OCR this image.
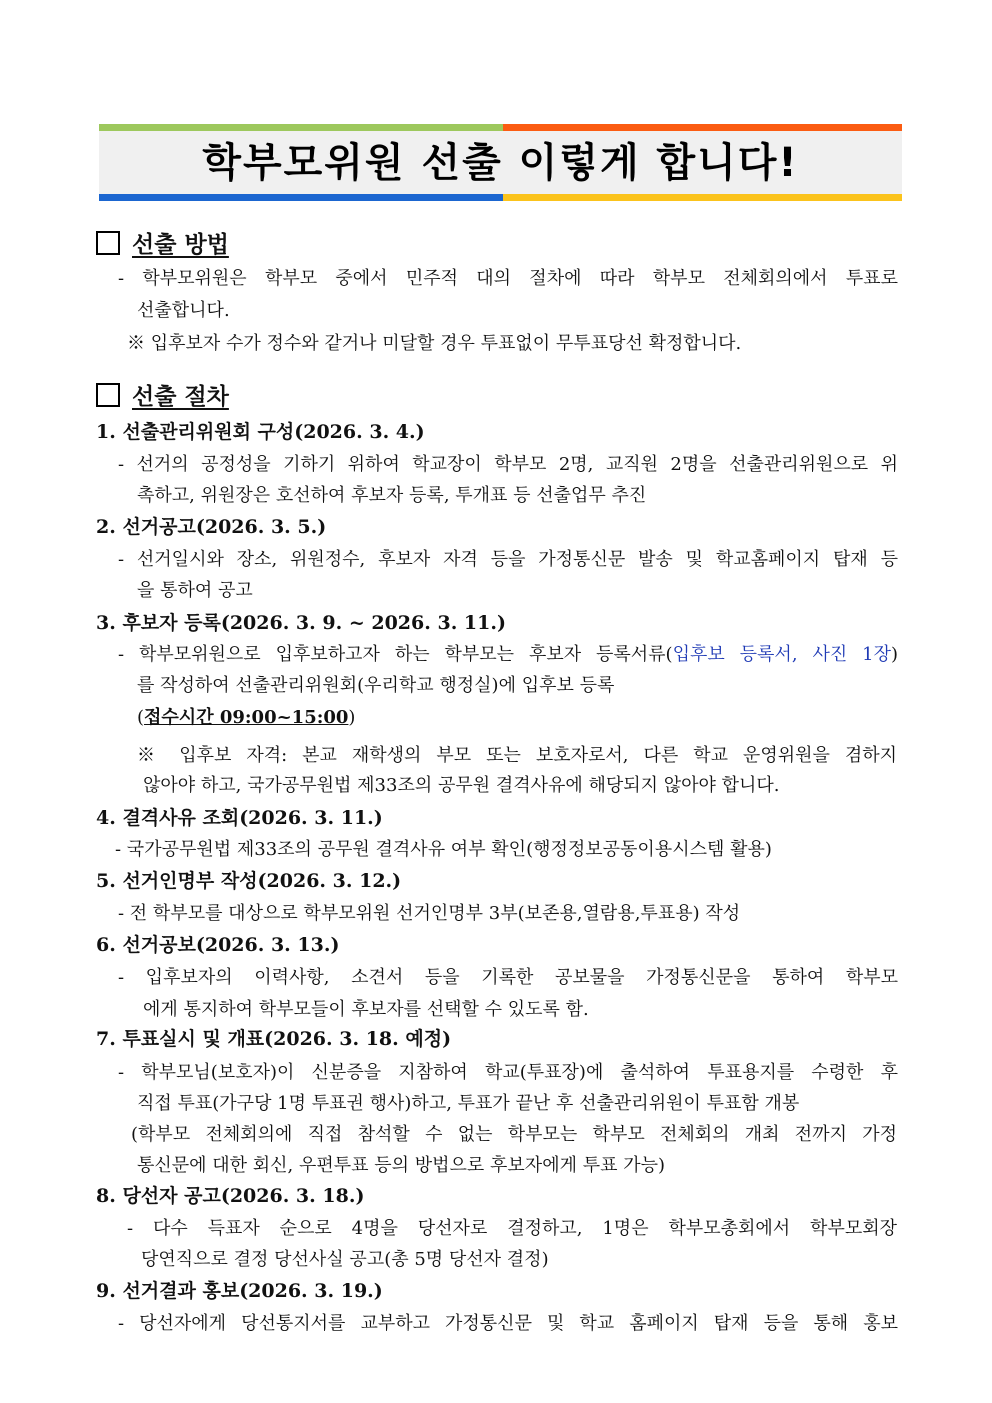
학부모위원 선출 이렇게 합니다!
선출 방법
- 학부모위원은 학부모 중에서 민주적 대의 절차에 따라 학부모 전체회의에서 투표로
선출합니다.
※ 입후보자 수가 정수와 같거나 미달할 경우 투표없이 무투표당선 확정합니다.
선출 절차
1. 선출관리위원회 구성(2026. 3. 4.)
- 선거의 공정성을 기하기 위하여 학교장이 학부모 2명, 교직원 2명을 선출관리위원으로 위
촉하고, 위원장은 호선하여 후보자 등록, 투개표 등 선출업무 추진
2. 선거공고(2026. 3. 5.)
- 선거일시와 장소, 위원정수, 후보자 자격 등을 가정통신문 발송 및 학교홈페이지 탑재 등
을 통하여 공고
3. 후보자 등록(2026. 3. 9. ~ 2026. 3. 11.)
- 학부모위원으로 입후보하고자 하는 학부모는 후보자 등록서류(입후보 등록서, 사진 1장)
를 작성하여 선출관리위원회(우리학교 행정실)에 입후보 등록
(접수시간 09:00~15:00)
※ 입후보 자격: 본교 재학생의 부모 또는 보호자로서, 다른 학교 운영위원을 겸하지
않아야 하고, 국가공무원법 제33조의 공무원 결격사유에 해당되지 않아야 합니다.
4. 결격사유 조회(2026. 3. 11.)
- 국가공무원법 제33조의 공무원 결격사유 여부 확인(행정정보공동이용시스템 활용)
5. 선거인명부 작성(2026. 3. 12.)
- 전 학부모를 대상으로 학부모위원 선거인명부 3부(보존용,열람용,투표용) 작성
6. 선거공보(2026. 3. 13.)
- 입후보자의 이력사항, 소견서 등을 기록한 공보물을 가정통신문을 통하여 학부모
에게 통지하여 학부모들이 후보자를 선택할 수 있도록 함.
7. 투표실시 및 개표(2026. 3. 18. 예정)
- 학부모님(보호자)이 신분증을 지참하여 학교(투표장)에 출석하여 투표용지를 수령한 후
직접 투표(가구당 1명 투표권 행사)하고, 투표가 끝난 후 선출관리위원이 투표함 개봉
(학부모 전체회의에 직접 참석할 수 없는 학부모는 학부모 전체회의 개최 전까지 가정
통신문에 대한 회신, 우편투표 등의 방법으로 후보자에게 투표 가능)
8. 당선자 공고(2026. 3. 18.)
- 다수 득표자 순으로 4명을 당선자로 결정하고, 1명은 학부모총회에서 학부모회장
당연직으로 결정 당선사실 공고(총 5명 당선자 결정)
9. 선거결과 홍보(2026. 3. 19.)
- 당선자에게 당선통지서를 교부하고 가정통신문 및 학교 홈페이지 탑재 등을 통해 홍보
